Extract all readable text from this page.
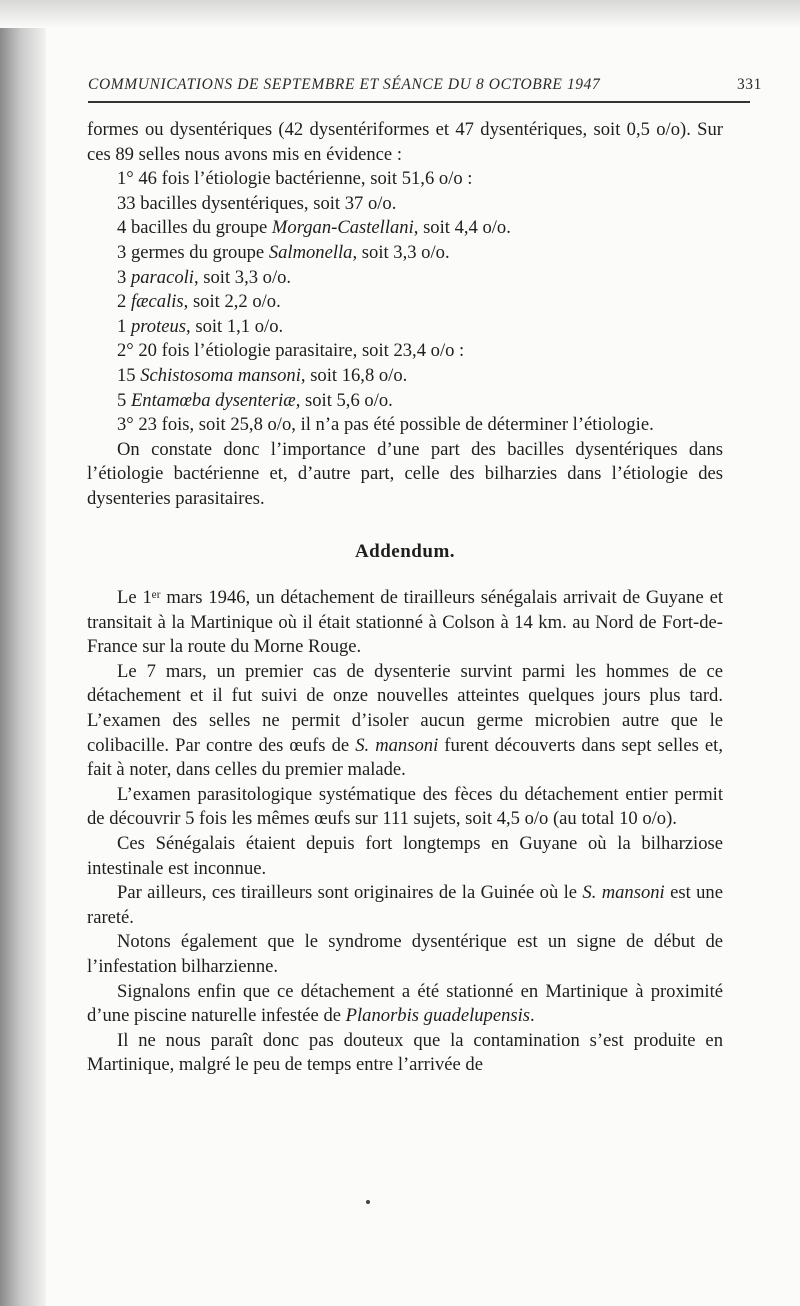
COMMUNICATIONS DE SEPTEMBRE ET SÉANCE DU 8 OCTOBRE 1947	331

formes ou dysentériques (42 dysentériformes et 47 dysentériques, soit 0,5 o/o). Sur ces 89 selles nous avons mis en évidence :

1° 46 fois l’étiologie bactérienne, soit 51,6 o/o :

33 bacilles dysentériques, soit 37 o/o.

4 bacilles du groupe Morgan-Castellani, soit 4,4 o/o.

3 germes du groupe Salmonella, soit 3,3 o/o.

3 paracoli, soit 3,3 o/o.

2 fæcalis, soit 2,2 o/o.

1 proteus, soit 1,1 o/o.

2° 20 fois l’étiologie parasitaire, soit 23,4 o/o :

15 Schistosoma mansoni, soit 16,8 o/o.

5 Entamœba dysenteriæ, soit 5,6 o/o.

3° 23 fois, soit 25,8 o/o, il n’a pas été possible de déterminer l’étiologie.

On constate donc l’importance d’une part des bacilles dysentériques dans l’étiologie bactérienne et, d’autre part, celle des bilharzies dans l’étiologie des dysenteries parasitaires.

Addendum.

Le 1ᵉʳ mars 1946, un détachement de tirailleurs sénégalais arrivait de Guyane et transitait à la Martinique où il était stationné à Colson à 14 km. au Nord de Fort-de-France sur la route du Morne Rouge.

Le 7 mars, un premier cas de dysenterie survint parmi les hommes de ce détachement et il fut suivi de onze nouvelles atteintes quelques jours plus tard. L’examen des selles ne permit d’isoler aucun germe microbien autre que le colibacille. Par contre des œufs de S. mansoni furent découverts dans sept selles et, fait à noter, dans celles du premier malade.

L’examen parasitologique systématique des fèces du détachement entier permit de découvrir 5 fois les mêmes œufs sur 111 sujets, soit 4,5 o/o (au total 10 o/o).

Ces Sénégalais étaient depuis fort longtemps en Guyane où la bilharziose intestinale est inconnue.

Par ailleurs, ces tirailleurs sont originaires de la Guinée où le S. mansoni est une rareté.

Notons également que le syndrome dysentérique est un signe de début de l’infestation bilharzienne.

Signalons enfin que ce détachement a été stationné en Martinique à proximité d’une piscine naturelle infestée de Planorbis guadelupensis.

Il ne nous paraît donc pas douteux que la contamination s’est produite en Martinique, malgré le peu de temps entre l’arrivée de
